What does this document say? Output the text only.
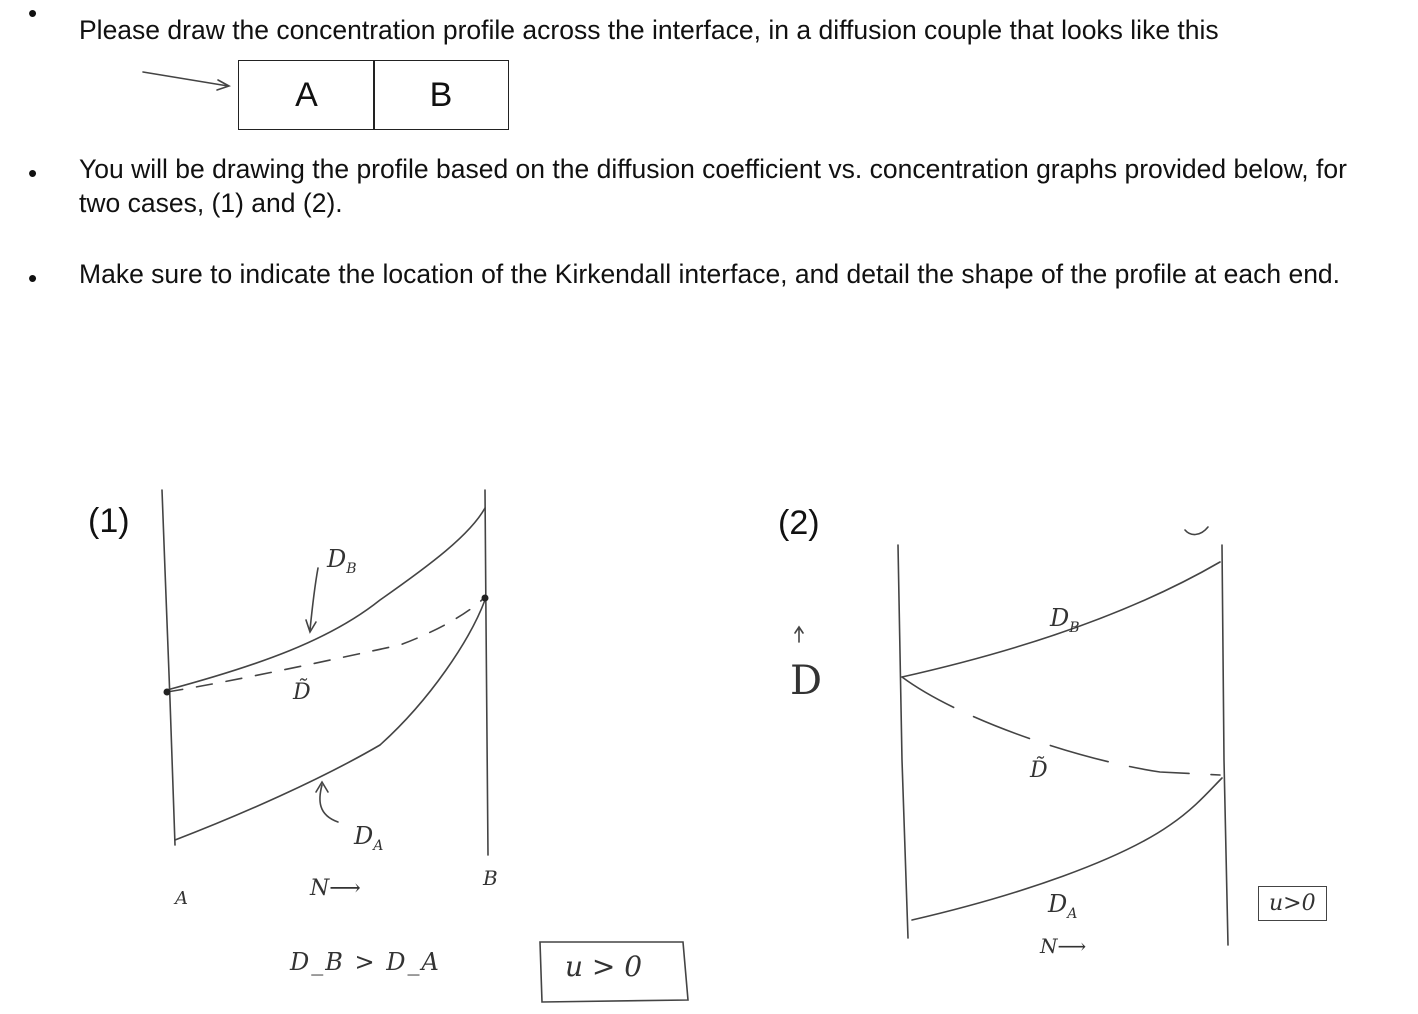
•
Please draw the concentration profile across the interface, in a diffusion couple that looks like this
A	B
• You will be drawing the profile based on the diffusion coefficient vs. concentration graphs provided below, for two cases, (1) and (2).
• Make sure to indicate the location of the Kirkendall interface, and detail the shape of the profile at each end.
(1)
$D_B$
D̃
$D_A$
A
B
N⟶
D_B > D_A	u > 0
(2)
D
$D_B$
D̃
$D_A$
N⟶
u>0
